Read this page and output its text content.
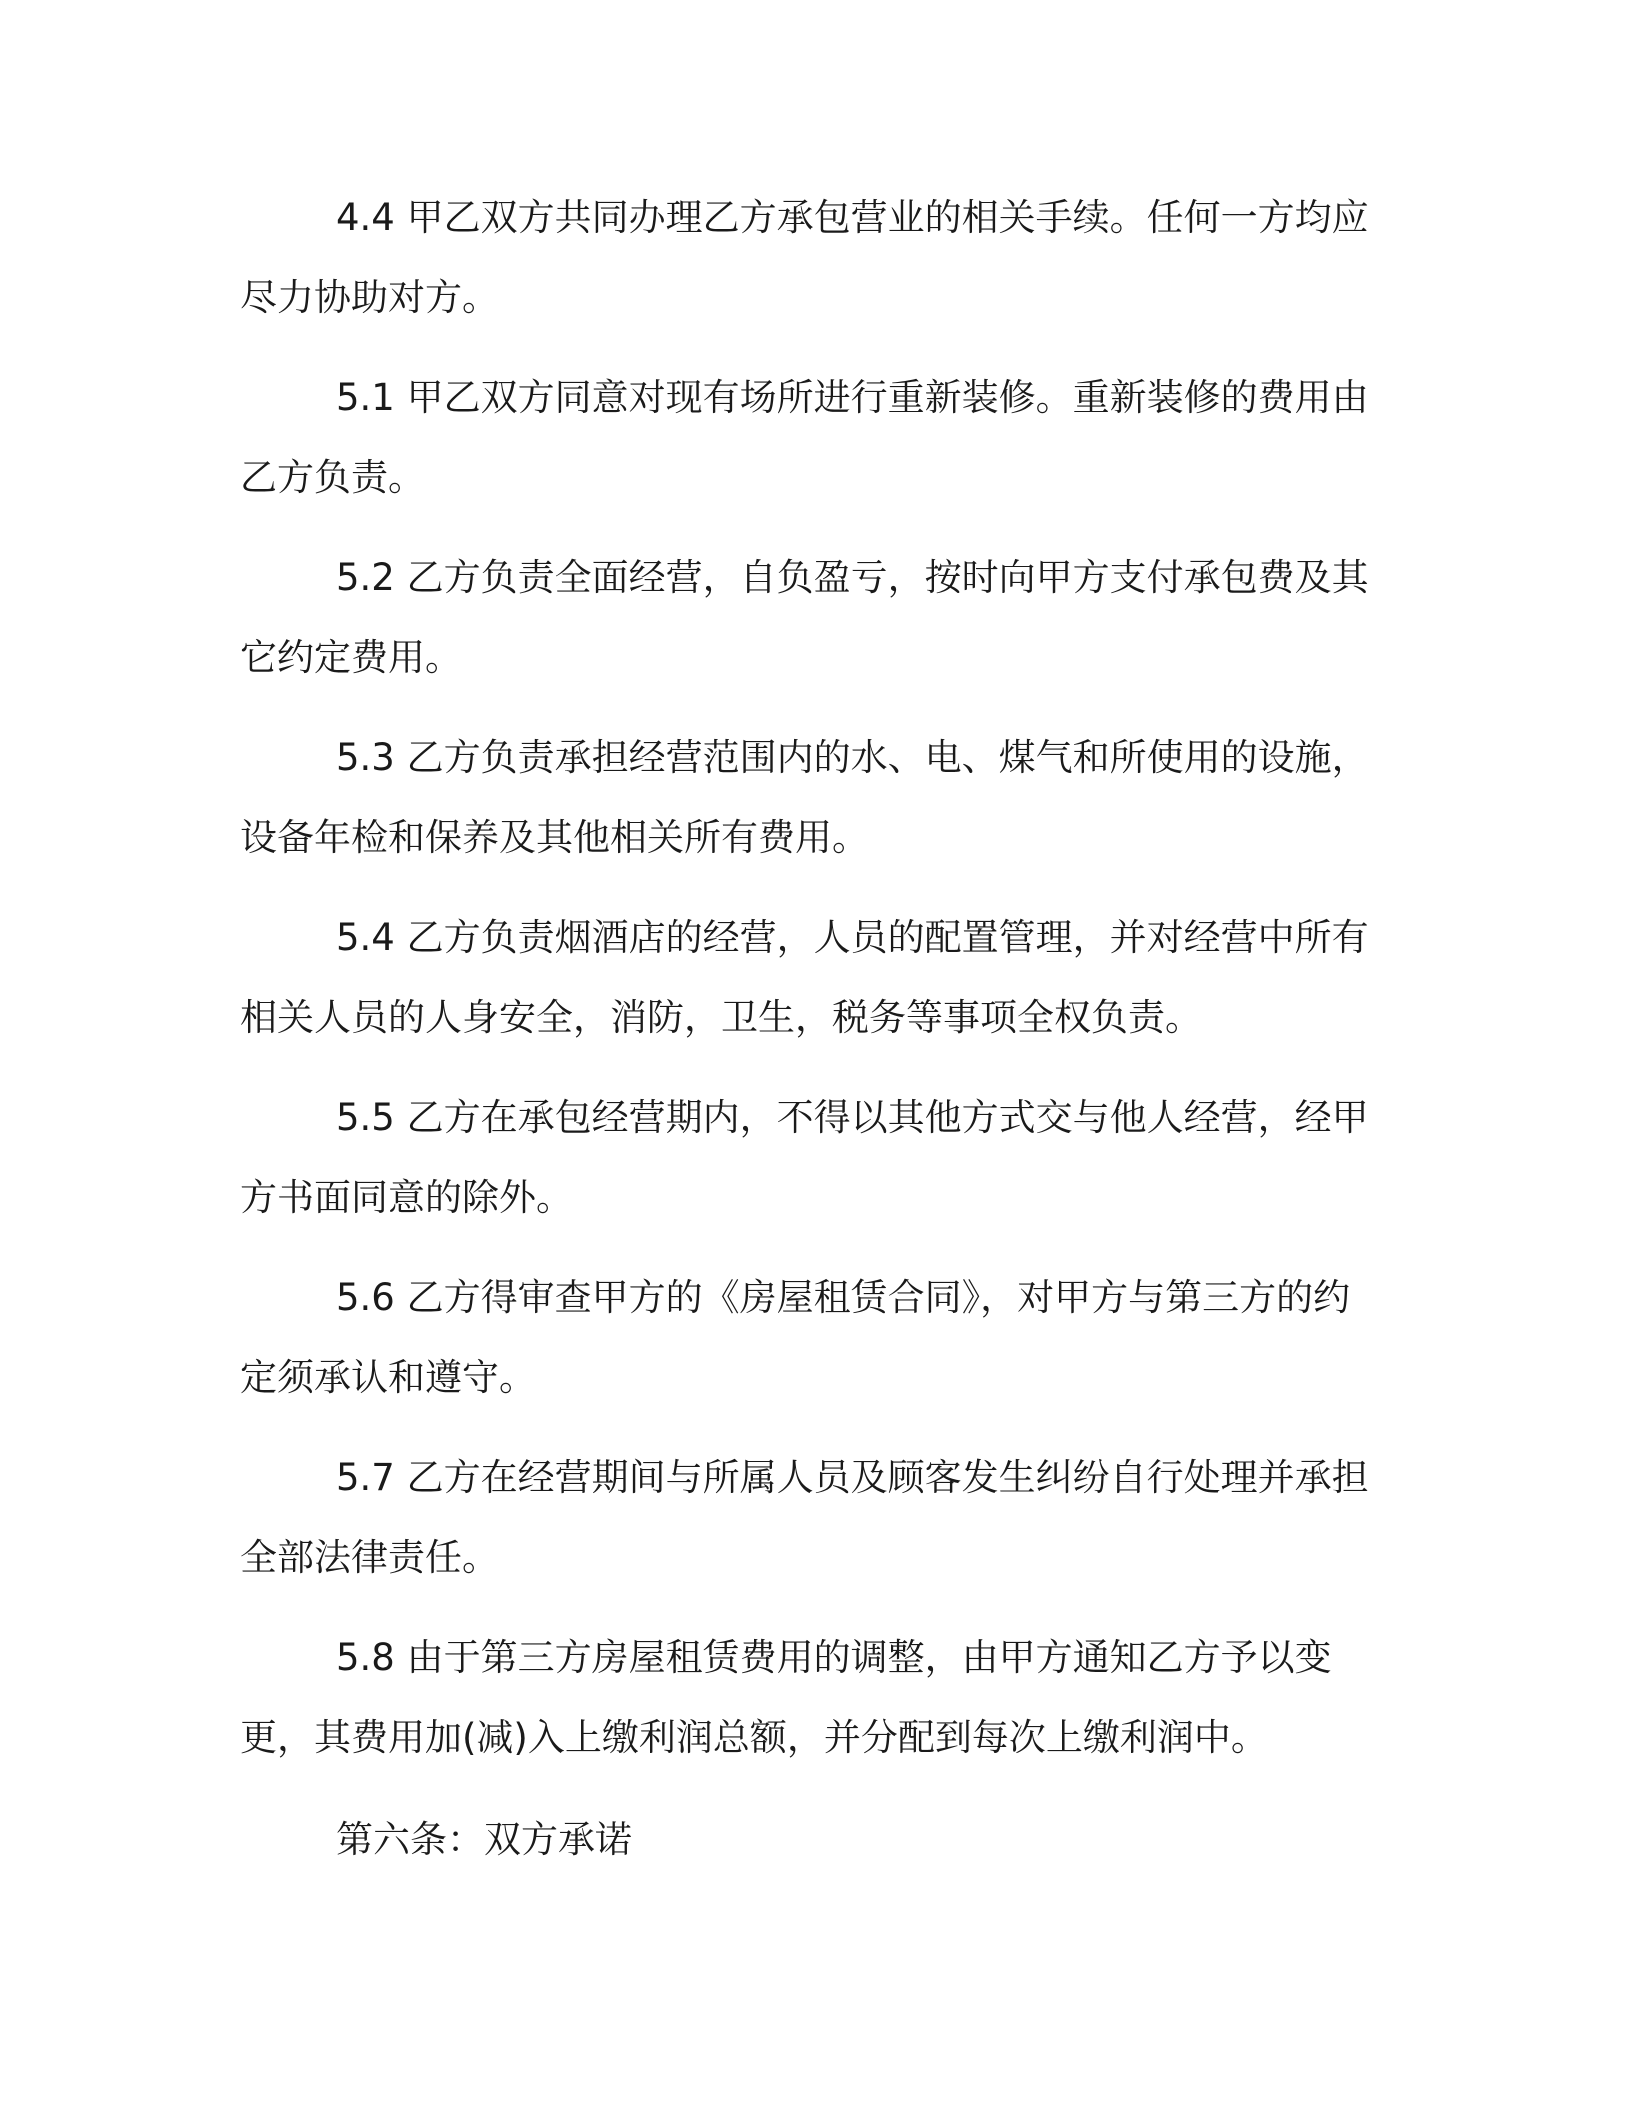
4.4 甲乙双方共同办理乙方承包营业的相关手续。任何一方均应尽力协助对方。

5.1 甲乙双方同意对现有场所进行重新装修。重新装修的费用由乙方负责。

5.2 乙方负责全面经营，自负盈亏，按时向甲方支付承包费及其它约定费用。

5.3 乙方负责承担经营范围内的水、电、煤气和所使用的设施，设备年检和保养及其他相关所有费用。

5.4 乙方负责烟酒店的经营，人员的配置管理，并对经营中所有相关人员的人身安全，消防，卫生，税务等事项全权负责。

5.5 乙方在承包经营期内，不得以其他方式交与他人经营，经甲方书面同意的除外。

5.6 乙方得审查甲方的《房屋租赁合同》，对甲方与第三方的约定须承认和遵守。

5.7 乙方在经营期间与所属人员及顾客发生纠纷自行处理并承担全部法律责任。

5.8 由于第三方房屋租赁费用的调整，由甲方通知乙方予以变更，其费用加(减)入上缴利润总额，并分配到每次上缴利润中。

第六条：双方承诺
